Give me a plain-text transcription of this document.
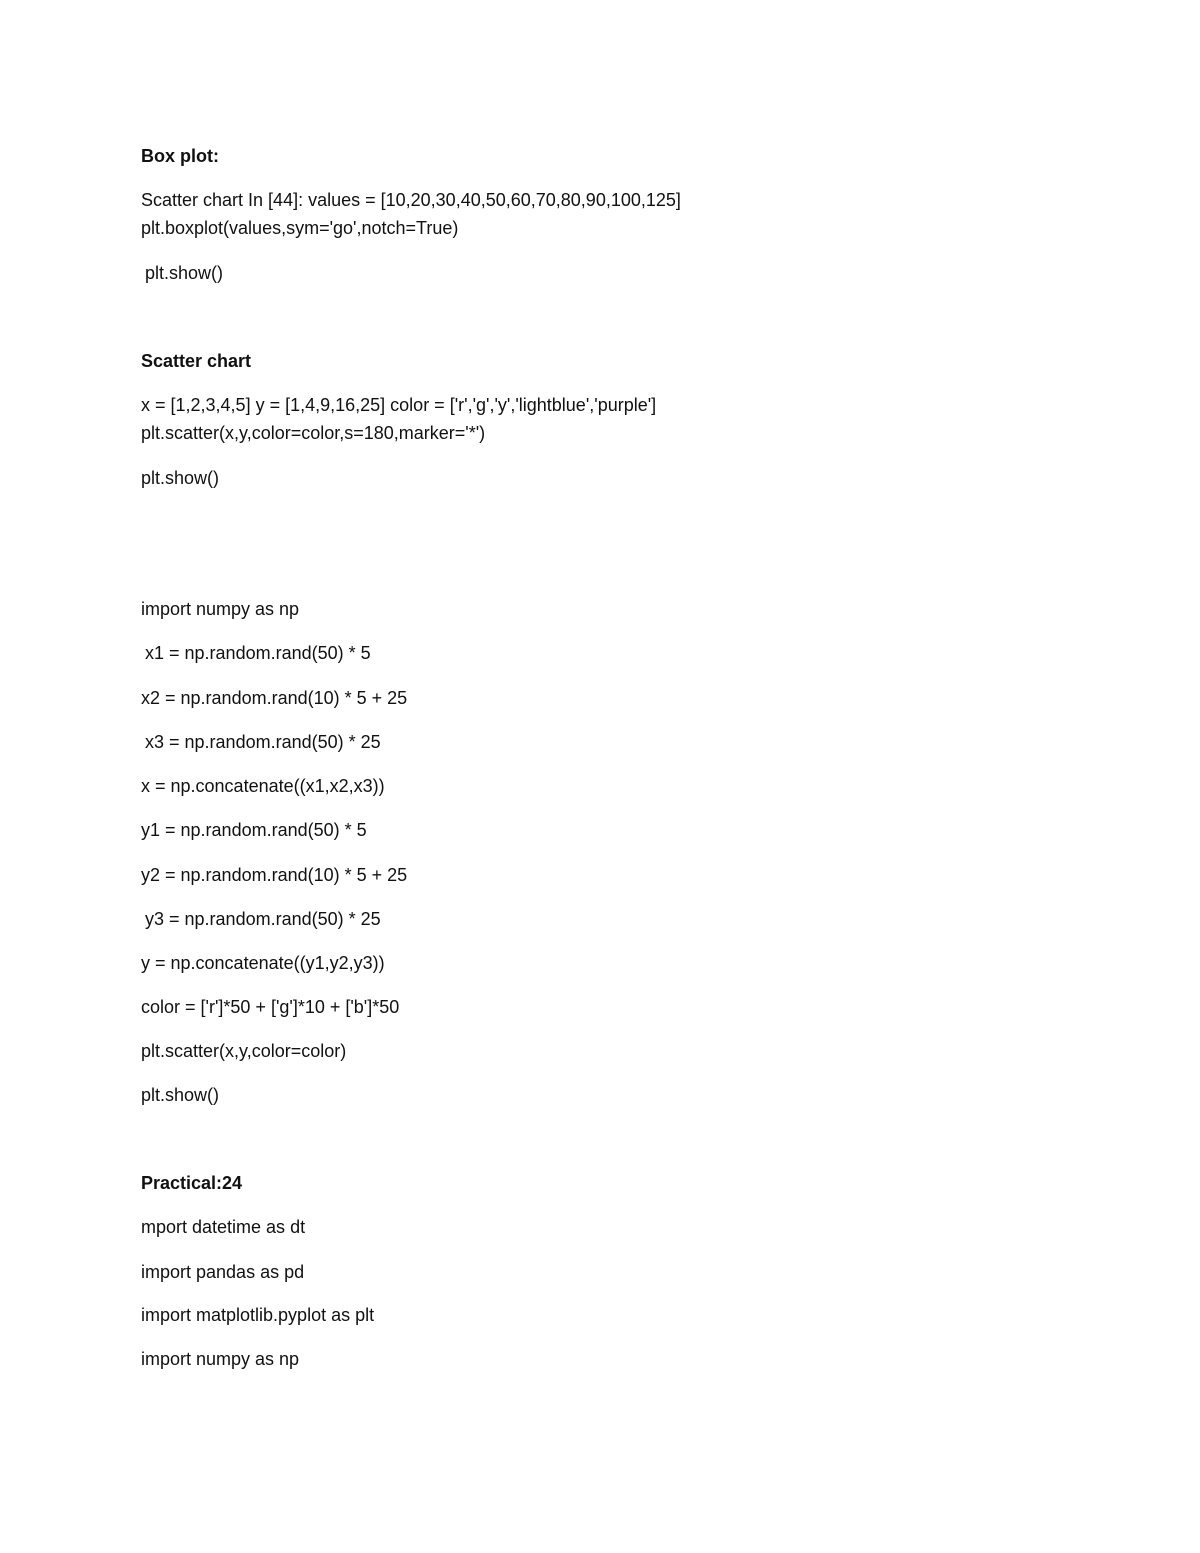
Box plot:
Scatter chart In [44]: values = [10,20,30,40,50,60,70,80,90,100,125]
plt.boxplot(values,sym='go',notch=True)
plt.show()
Scatter chart
x = [1,2,3,4,5] y = [1,4,9,16,25] color = ['r','g','y','lightblue','purple']
plt.scatter(x,y,color=color,s=180,marker='*')
plt.show()
import numpy as np
x1 = np.random.rand(50) * 5
x2 = np.random.rand(10) * 5 + 25
x3 = np.random.rand(50) * 25
x = np.concatenate((x1,x2,x3))
y1 = np.random.rand(50) * 5
y2 = np.random.rand(10) * 5 + 25
y3 = np.random.rand(50) * 25
y = np.concatenate((y1,y2,y3))
color = ['r']*50 + ['g']*10 + ['b']*50
plt.scatter(x,y,color=color)
plt.show()
Practical:24
mport datetime as dt
import pandas as pd
import matplotlib.pyplot as plt
import numpy as np
